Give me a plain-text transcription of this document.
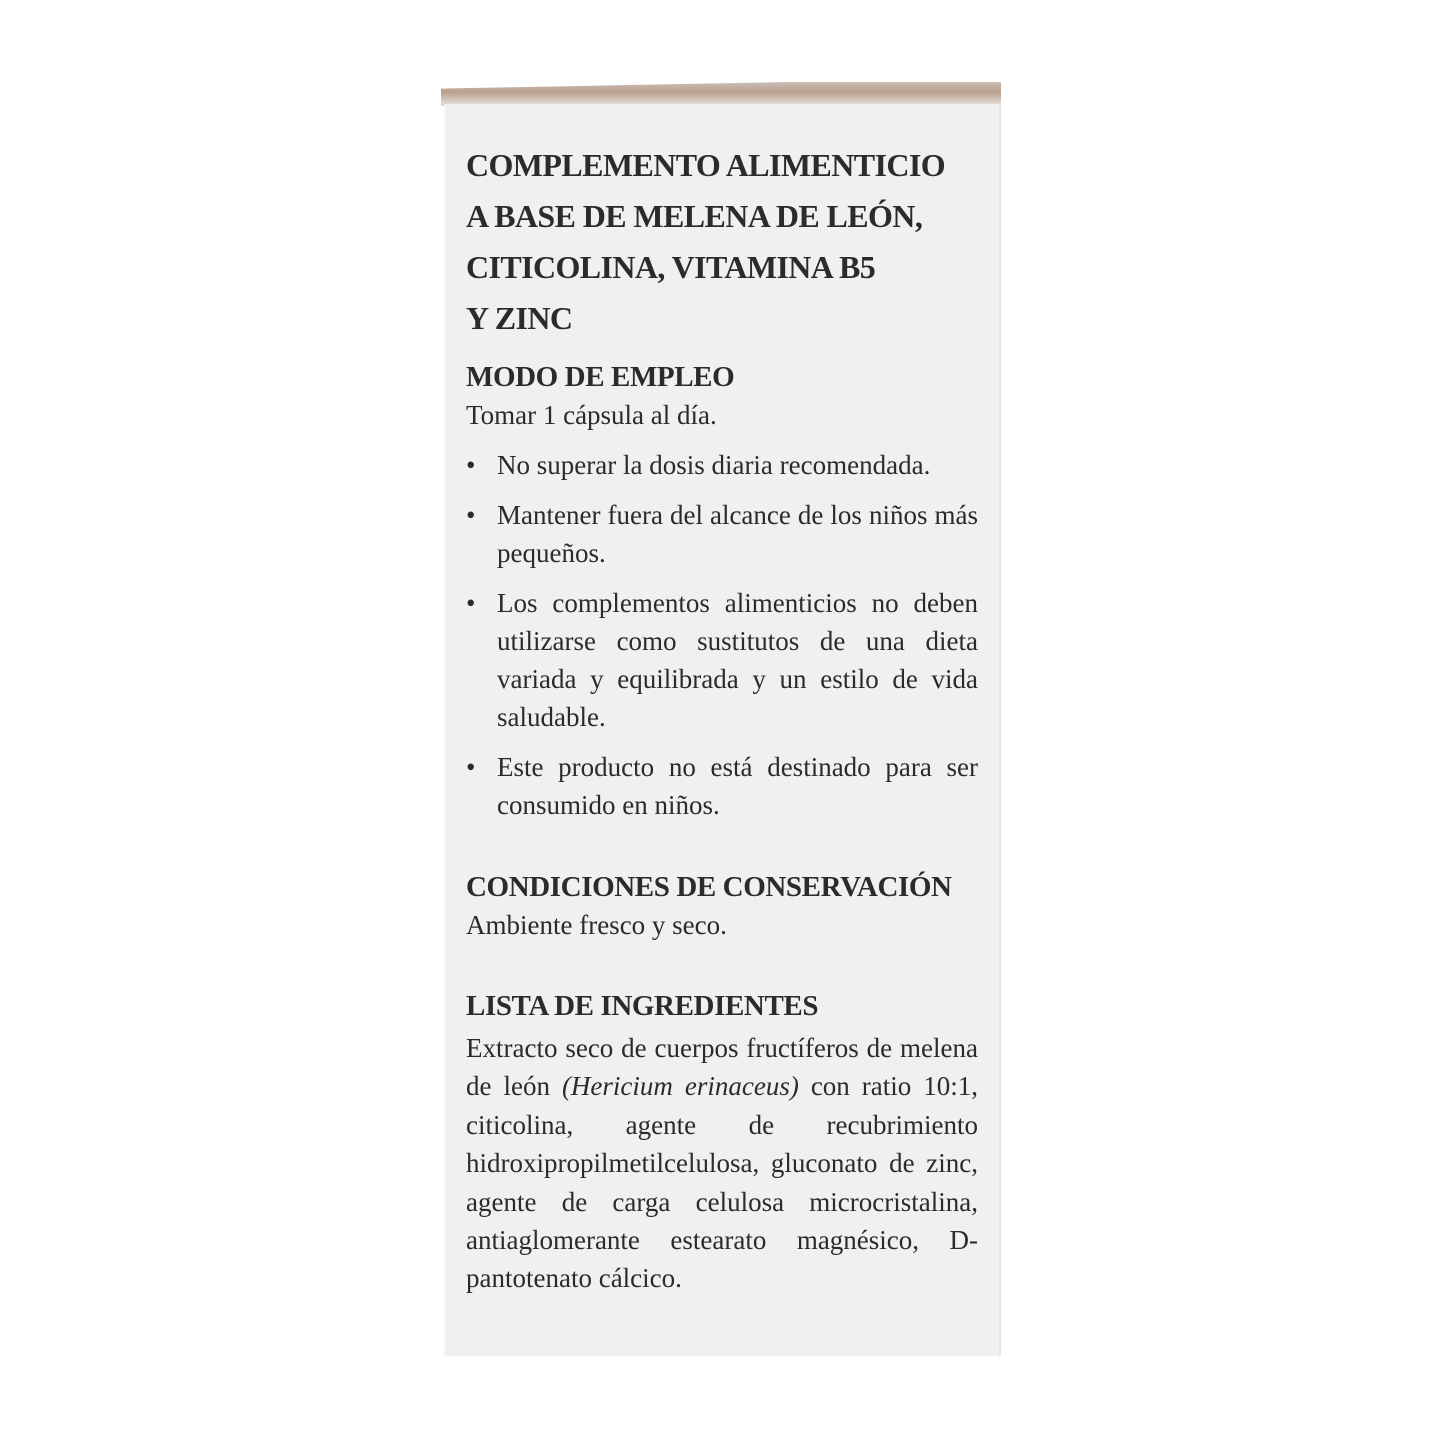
COMPLEMENTO ALIMENTICIO
A BASE DE MELENA DE LEÓN,
CITICOLINA, VITAMINA B5
Y ZINC
MODO DE EMPLEO

Tomar 1 cápsula al día.

• No superar la dosis diaria recomendada.
• Mantener fuera del alcance de los niños más pequeños.
• Los complementos alimenticios no deben utilizarse como sustitutos de una dieta variada y equilibrada y un estilo de vida saludable.
• Este producto no está destinado para ser consumido en niños.
CONDICIONES DE CONSERVACIÓN

Ambiente fresco y seco.

LISTA DE INGREDIENTES

Extracto seco de cuerpos fructíferos de melena de león (Hericium erinaceus) con ratio 10:1, citicolina, agente de recubrimiento hidroxipropilmetilcelulosa, gluconato de zinc, agente de carga celulosa microcristalina, antiaglomerante estearato magnésico, D-pantotenato cálcico.
